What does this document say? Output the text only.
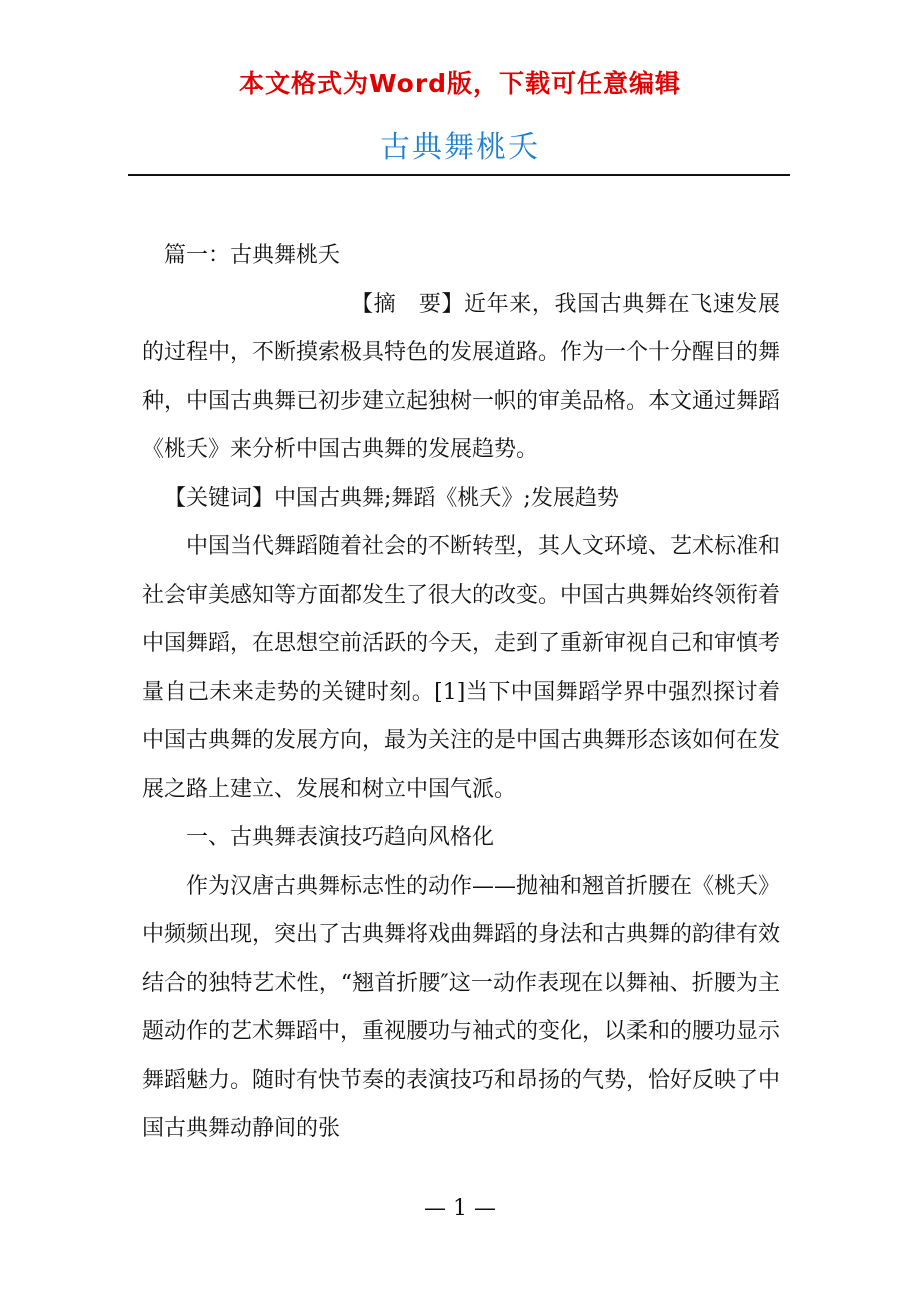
本文格式为Word版，下载可任意编辑
古典舞桃夭

篇一：古典舞桃夭

【摘　要】近年来，我国古典舞在飞速发展的过程中，不断摸索极具特色的发展道路。作为一个十分醒目的舞种，中国古典舞已初步建立起独树一帜的审美品格。本文通过舞蹈《桃夭》来分析中国古典舞的发展趋势。

【关键词】中国古典舞;舞蹈《桃夭》;发展趋势

中国当代舞蹈随着社会的不断转型，其人文环境、艺术标准和社会审美感知等方面都发生了很大的改变。中国古典舞始终领衔着中国舞蹈，在思想空前活跃的今天，走到了重新审视自己和审慎考量自己未来走势的关键时刻。[1]当下中国舞蹈学界中强烈探讨着中国古典舞的发展方向，最为关注的是中国古典舞形态该如何在发展之路上建立、发展和树立中国气派。

一、古典舞表演技巧趋向风格化

作为汉唐古典舞标志性的动作——抛袖和翘首折腰在《桃夭》中频频出现，突出了古典舞将戏曲舞蹈的身法和古典舞的韵律有效结合的独特艺术性，“翘首折腰″这一动作表现在以舞袖、折腰为主题动作的艺术舞蹈中，重视腰功与袖式的变化，以柔和的腰功显示舞蹈魅力。随时有快节奏的表演技巧和昂扬的气势，恰好反映了中国古典舞动静间的张

— 1 —
